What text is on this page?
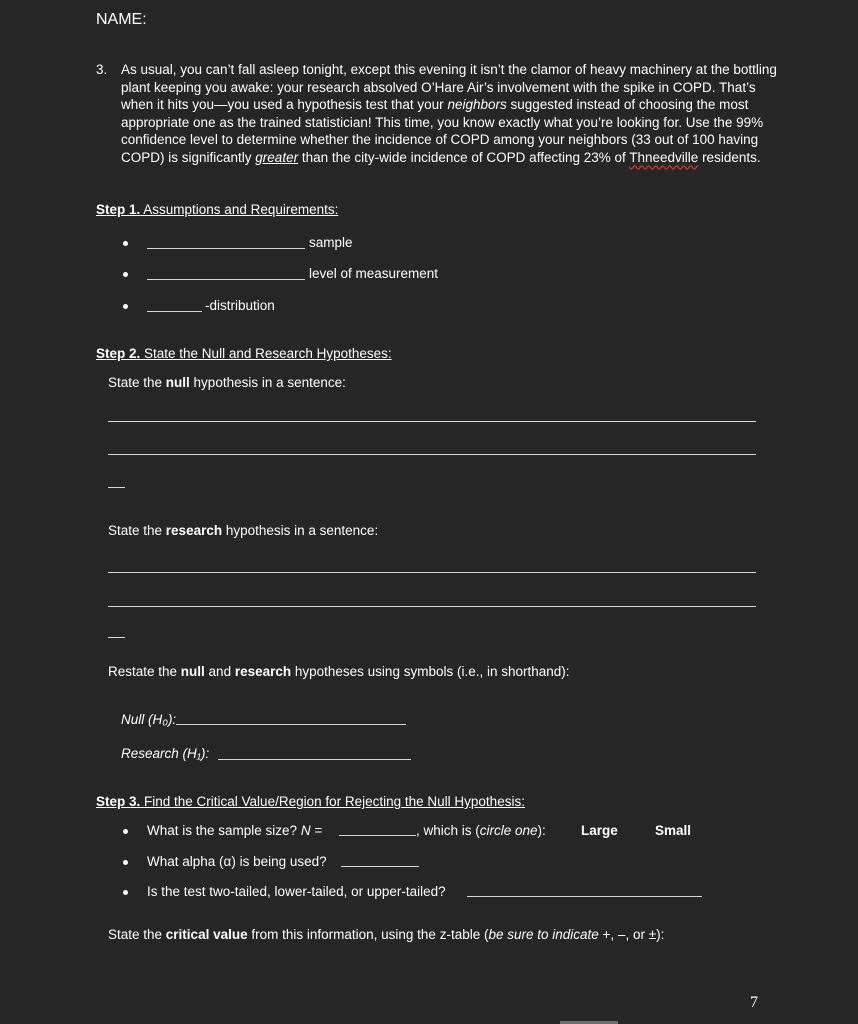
NAME:
3. As usual, you can’t fall asleep tonight, except this evening it isn’t the clamor of heavy machinery at the bottling plant keeping you awake: your research absolved O’Hare Air’s involvement with the spike in COPD. That’s when it hits you—you used a hypothesis test that your neighbors suggested instead of choosing the most appropriate one as the trained statistician! This time, you know exactly what you’re looking for. Use the 99% confidence level to determine whether the incidence of COPD among your neighbors (33 out of 100 having COPD) is significantly greater than the city-wide incidence of COPD affecting 23% of Thneedville residents.
Step 1. Assumptions and Requirements:
sample
level of measurement
-distribution
Step 2. State the Null and Research Hypotheses:
State the null hypothesis in a sentence:
State the research hypothesis in a sentence:
Restate the null and research hypotheses using symbols (i.e., in shorthand):
Null (H₀):
Research (H₁):
Step 3. Find the Critical Value/Region for Rejecting the Null Hypothesis:
What is the sample size? N =	, which is (circle one):	Large	Small
What alpha (α) is being used?
Is the test two-tailed, lower-tailed, or upper-tailed?
State the critical value from this information, using the z-table (be sure to indicate +, –, or ±):
7
